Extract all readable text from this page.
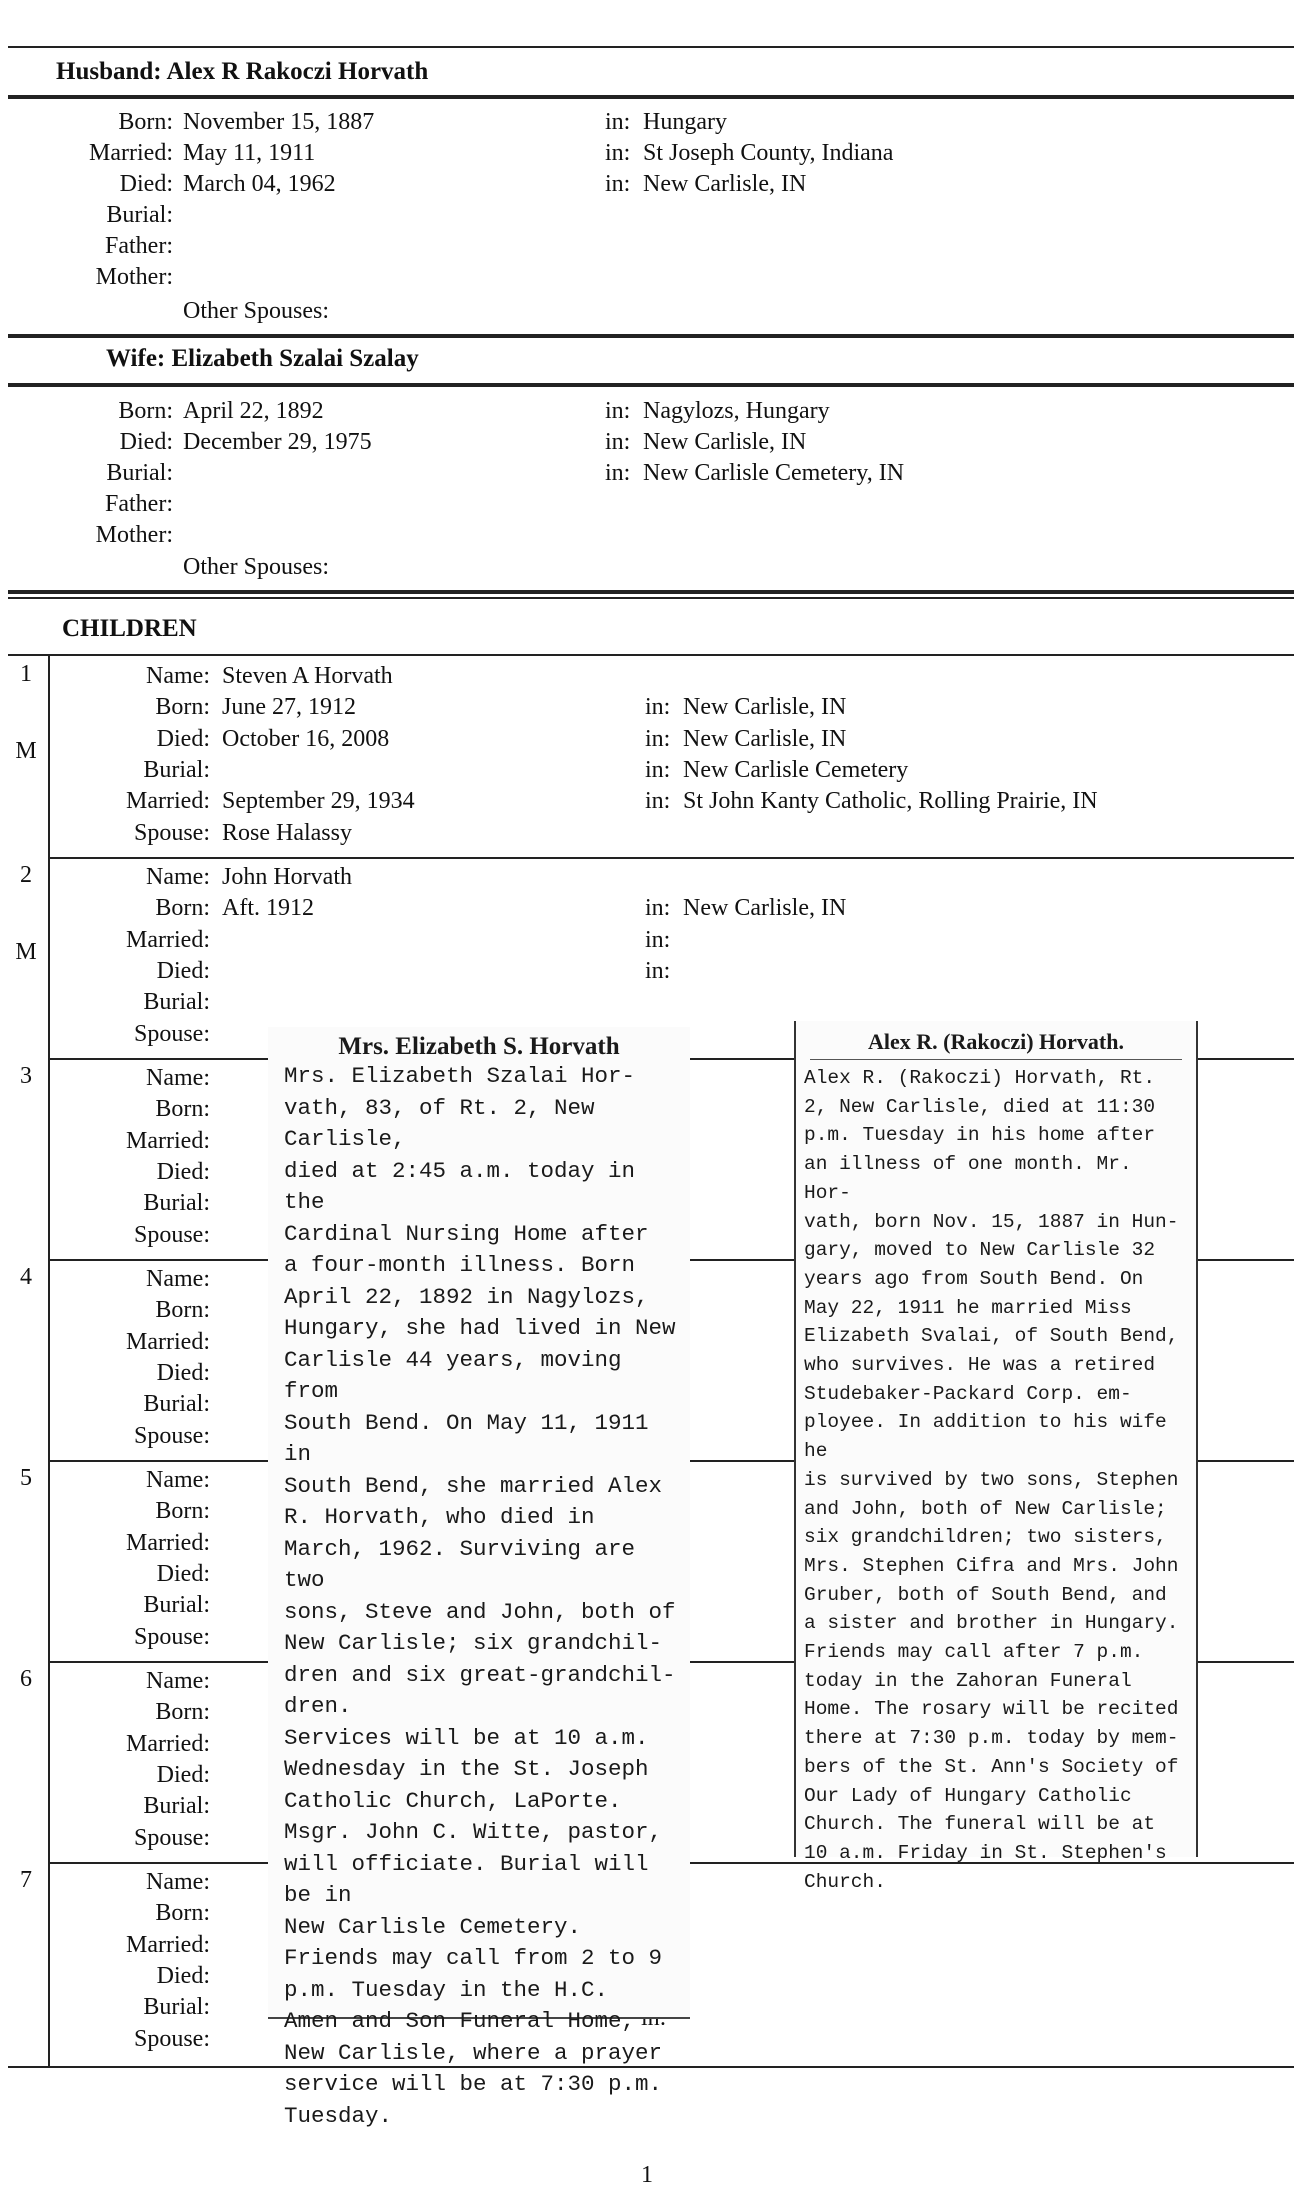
Husband: Alex R Rakoczi Horvath
Born: November 15, 1887	in: Hungary
Married: May 11, 1911	in: St Joseph County, Indiana
Died: March 04, 1962	in: New Carlisle, IN
Burial:
Father:
Mother:
Other Spouses:
Wife: Elizabeth Szalai Szalay
Born: April 22, 1892	in: Nagylozs, Hungary
Died: December 29, 1975	in: New Carlisle, IN
Burial:	in: New Carlisle Cemetery, IN
Father:
Mother:
Other Spouses:
CHILDREN
1
M
Name: Steven A Horvath
Born: June 27, 1912	in: New Carlisle, IN
Died: October 16, 2008	in: New Carlisle, IN
Burial:	in: New Carlisle Cemetery
Married: September 29, 1934	in: St John Kanty Catholic, Rolling Prairie, IN
Spouse: Rose Halassy
2
M
Name: John Horvath
Born: Aft. 1912	in: New Carlisle, IN
Married:	in:
Died:	in:
Burial:
Spouse:
3	Name:
Born:
Married:
Died:
Burial:
Spouse:
4	Name:
Born:
Married:
Died:
Burial:
Spouse:
5	Name:
Born:
Married:
Died:
Burial:
Spouse:
6	Name:
Born:
Married:
Died:
Burial:
Spouse:
7	Name:
Born:
Married:
Died:
Burial:
Spouse:
Mrs. Elizabeth S. Horvath

Mrs. Elizabeth Szalai Hor-

vath, 83, of Rt. 2, New Carlisle,

died at 2:45 a.m. today in the

Cardinal Nursing Home after

a four-month illness. Born

April 22, 1892 in Nagylozs,

Hungary, she had lived in New

Carlisle 44 years, moving from

South Bend. On May 11, 1911 in

South Bend, she married Alex

R. Horvath, who died in

March, 1962. Surviving are two

sons, Steve and John, both of

New Carlisle; six grandchil-

dren and six great-grandchil-

dren.

Services will be at 10 a.m.

Wednesday in the St. Joseph

Catholic Church, LaPorte.

Msgr. John C. Witte, pastor,

will officiate. Burial will be in

New Carlisle Cemetery.

Friends may call from 2 to 9

p.m. Tuesday in the H.C.

Amen and Son Funeral Home,

New Carlisle, where a prayer

service will be at 7:30 p.m.

Tuesday.

Alex R. (Rakoczi) Horvath.

Alex R. (Rakoczi) Horvath, Rt.

2, New Carlisle, died at 11:30

p.m. Tuesday in his home after

an illness of one month. Mr. Hor-

vath, born Nov. 15, 1887 in Hun-

gary, moved to New Carlisle 32

years ago from South Bend. On

May 22, 1911 he married Miss

Elizabeth Svalai, of South Bend,

who survives. He was a retired

Studebaker-Packard Corp. em-

ployee. In addition to his wife he

is survived by two sons, Stephen

and John, both of New Carlisle;

six grandchildren; two sisters,

Mrs. Stephen Cifra and Mrs. John

Gruber, both of South Bend, and

a sister and brother in Hungary.

Friends may call after 7 p.m.

today in the Zahoran Funeral

Home. The rosary will be recited

there at 7:30 p.m. today by mem-

bers of the St. Ann's Society of

Our Lady of Hungary Catholic

Church. The funeral will be at

10 a.m. Friday in St. Stephen's

Church.

1
